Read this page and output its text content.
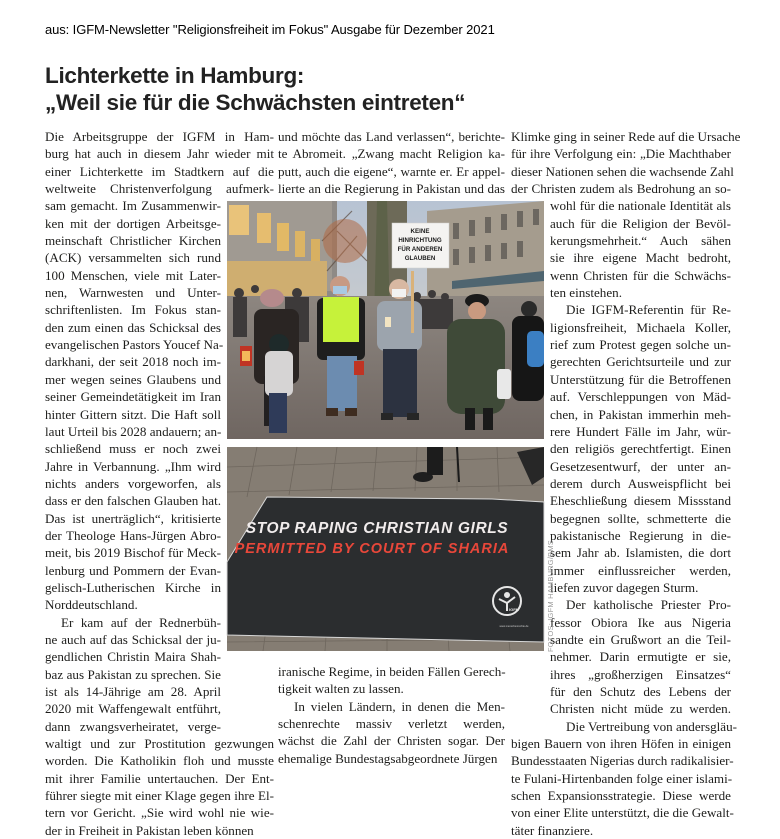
aus: IGFM-Newsletter "Religionsfreiheit im Fokus" Ausgabe für Dezember 2021
Lichterkette in Hamburg:
„Weil sie für die Schwächsten eintreten“
Die Arbeitsgruppe der IGFM in Ham-
burg hat auch in diesem Jahr wieder mit
einer Lichterkette im Stadtkern auf die
weltweite Christenverfolgung aufmerk-
sam gemacht. Im Zusammenwir-
ken mit der dortigen Arbeitsge-
meinschaft Christlicher Kirchen
(ACK) versammelten sich rund
100 Menschen, viele mit Later-
nen, Warnwesten und Unter-
schriftenlisten. Im Fokus stan-
den zum einen das Schicksal des
evangelischen Pastors Youcef Na-
darkhani, der seit 2018 noch im-
mer wegen seines Glaubens und
seiner Gemeindetätigkeit im Iran
hinter Gittern sitzt. Die Haft soll
laut Urteil bis 2028 andauern; an-
schließend muss er noch zwei
Jahre in Verbannung. „Ihm wird
nichts anders vorgeworfen, als
dass er den falschen Glauben hat.
Das ist unerträglich“, kritisierte
der Theologe Hans-Jürgen Abro-
meit, bis 2019 Bischof für Meck-
lenburg und Pommern der Evan-
gelisch-Lutherischen Kirche in
Norddeutschland.
Er kam auf der Rednerbüh-
ne auch auf das Schicksal der ju-
gendlichen Christin Maira Shah-
baz aus Pakistan zu sprechen. Sie
ist als 14-Jährige am 28. April
2020 mit Waffengewalt entführt,
dann zwangsverheiratet, verge-
waltigt und zur Prostitution gezwungen
worden. Die Katholikin floh und musste
mit ihrer Familie untertauchen. Der Ent-
führer siegte mit einer Klage gegen ihre El-
tern vor Gericht. „Sie wird wohl nie wie-
der in Freiheit in Pakistan leben können
und möchte das Land verlassen“, berichte-
te Abromeit. „Zwang macht Religion ka-
putt, auch die eigene“, warnte er. Er appel-
lierte an die Regierung in Pakistan und das
iranische Regime, in beiden Fällen Gerech-
tigkeit walten zu lassen.
In vielen Ländern, in denen die Men-
schenrechte massiv verletzt werden,
wächst die Zahl der Christen sogar. Der
ehemalige Bundestagsabgeordnete Jürgen
Klimke ging in seiner Rede auf die Ursache
für ihre Verfolgung ein: „Die Machthaber
dieser Nationen sehen die wachsende Zahl
der Christen zudem als Bedrohung an so-
wohl für die nationale Identität als
auch für die Religion der Bevöl-
kerungsmehrheit.“ Auch sähen
sie ihre eigene Macht bedroht,
wenn Christen für die Schwächs-
ten einstehen.
Die IGFM-Referentin für Re-
ligionsfreiheit, Michaela Koller,
rief zum Protest gegen solche un-
gerechten Gerichtsurteile und zur
Unterstützung für die Betroffenen
auf. Verschleppungen von Mäd-
chen, in Pakistan immerhin meh-
rere Hundert Fälle im Jahr, wür-
den religiös gerechtfertigt. Einen
Gesetzesentwurf, der unter an-
derem durch Ausweispflicht bei
Eheschließung diesem Missstand
begegnen sollte, schmetterte die
pakistanische Regierung in die-
sem Jahr ab. Islamisten, die dort
immer einflussreicher werden,
liefen zuvor dagegen Sturm.
Der katholische Priester Pro-
fessor Obiora Ike aus Nigeria
sandte ein Grußwort an die Teil-
nehmer. Darin ermutigte er sie,
ihres „großherzigen Einsatzes“
für den Schutz des Lebens der
Christen nicht müde zu werden.
Die Vertreibung von andersgläu-
bigen Bauern von ihren Höfen in einigen
Bundesstaaten Nigerias durch radikalisier-
te Fulani-Hirtenbanden folge einer islami-
schen Expansionsstrategie. Diese werde
von einer Elite unterstützt, die die Gewalt-
täter finanziere.
KEINE
HINRICHTUNG
FÜR ANDEREN
GLAUBEN
STOP RAPING CHRISTIAN GIRLS
PERMITTED BY COURT OF SHARIA
IGFM
www.menschenrechte.de FOTOS: IGFM HAMBURG/BMS
